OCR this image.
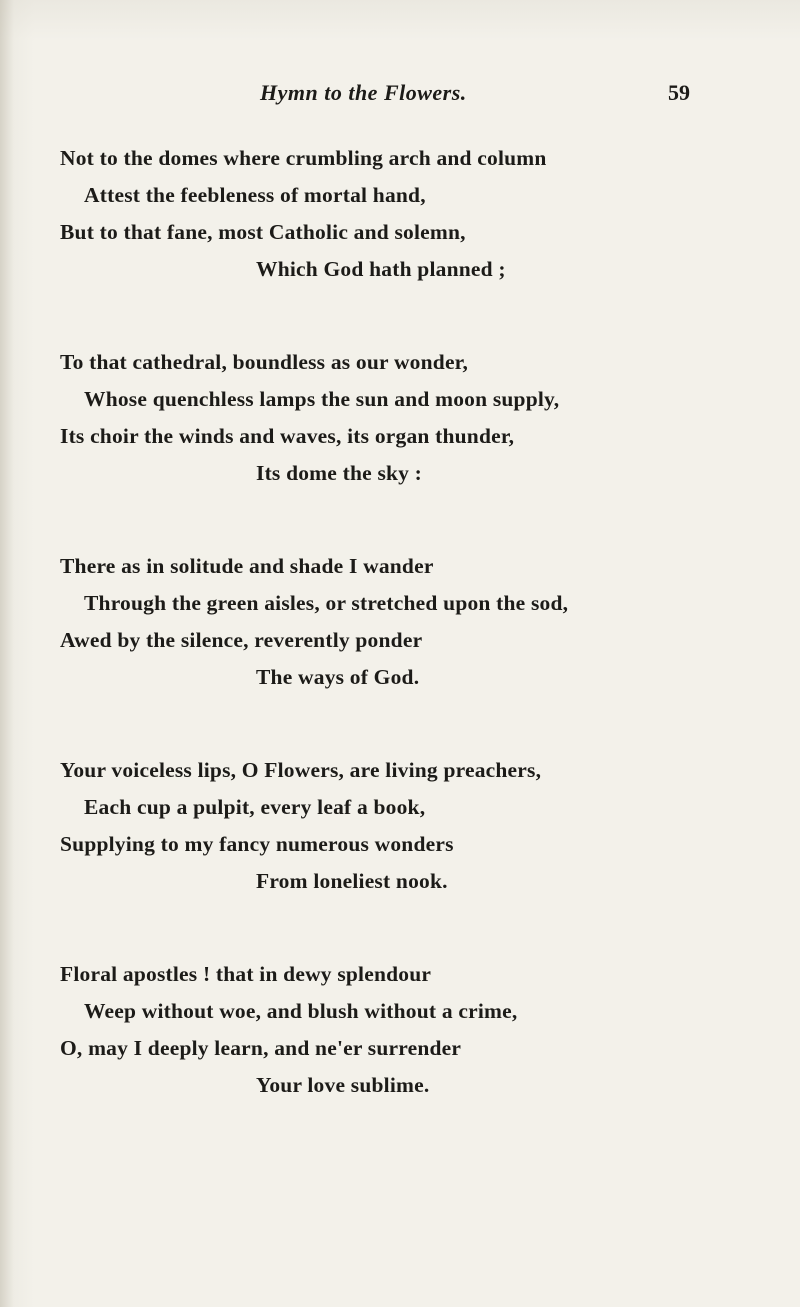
Hymn to the Flowers.	59
Not to the domes where crumbling arch and column
Attest the feebleness of mortal hand,
But to that fane, most Catholic and solemn,
Which God hath planned ;
To that cathedral, boundless as our wonder,
Whose quenchless lamps the sun and moon supply,
Its choir the winds and waves, its organ thunder,
Its dome the sky :
There as in solitude and shade I wander
Through the green aisles, or stretched upon the sod,
Awed by the silence, reverently ponder
The ways of God.
Your voiceless lips, O Flowers, are living preachers,
Each cup a pulpit, every leaf a book,
Supplying to my fancy numerous wonders
From loneliest nook.
Floral apostles ! that in dewy splendour
Weep without woe, and blush without a crime,
O, may I deeply learn, and ne'er surrender
Your love sublime.
